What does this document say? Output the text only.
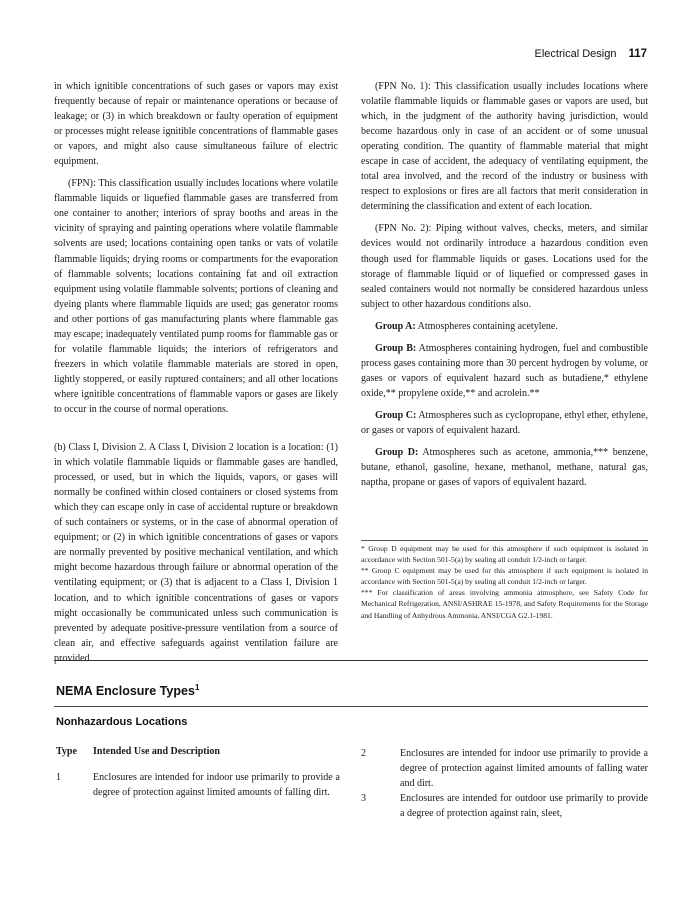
Electrical Design 117

in which ignitible concentrations of such gases or vapors may exist frequently because of repair or maintenance operations or because of leakage; or (3) in which breakdown or faulty operation of equipment or processes might release ignitible concentrations of flammable gases or vapors, and might also cause simultaneous failure of electric equipment.

(FPN): This classification usually includes locations where volatile flammable liquids or liquefied flammable gases are transferred from one container to another; interiors of spray booths and areas in the vicinity of spraying and painting operations where volatile flammable solvents are used; locations containing open tanks or vats of volatile flammable liquids; drying rooms or compartments for the evaporation of flammable solvents; locations containing fat and oil extraction equipment using volatile flammable solvents; portions of cleaning and dyeing plants where flammable liquids are used; gas generator rooms and other portions of gas manufacturing plants where flammable gas may escape; inadequately ventilated pump rooms for flammable gas or for volatile flammable liquids; the interiors of refrigerators and freezers in which volatile flammable materials are stored in open, lightly stoppered, or easily ruptured containers; and all other locations where ignitible concentrations of flammable vapors or gases are likely to occur in the course of normal operations.

(b) Class I, Division 2. A Class I, Division 2 location is a location: (1) in which volatile flammable liquids or flammable gases are handled, processed, or used, but in which the liquids, vapors, or gases will normally be confined within closed containers or closed systems from which they can escape only in case of accidental rupture or breakdown of such containers or systems, or in the case of abnormal operation of equipment; or (2) in which ignitible concentrations of gases or vapors are normally prevented by positive mechanical ventilation, and which might become hazardous through failure or abnormal operation of the ventilating equipment; or (3) that is adjacent to a Class I, Division 1 location, and to which ignitible concentrations of gases or vapors might occasionally be communicated unless such communication is prevented by adequate positive-pressure ventilation from a source of clean air, and effective safeguards against ventilation failure are provided.

(FPN No. 1): This classification usually includes locations where volatile flammable liquids or flammable gases or vapors are used, but which, in the judgment of the authority having jurisdiction, would become hazardous only in case of an accident or of some unusual operating condition. The quantity of flammable material that might escape in case of accident, the adequacy of ventilating equipment, the total area involved, and the record of the industry or business with respect to explosions or fires are all factors that merit consideration in determining the classification and extent of each location.

(FPN No. 2): Piping without valves, checks, meters, and similar devices would not ordinarily introduce a hazardous condition even though used for flammable liquids or gases. Locations used for the storage of flammable liquid or of liquefied or compressed gases in sealed containers would not normally be considered hazardous unless subject to other hazardous conditions also.

Group A: Atmospheres containing acetylene.

Group B: Atmospheres containing hydrogen, fuel and combustible process gases containing more than 30 percent hydrogen by volume, or gases or vapors of equivalent hazard such as butadiene,* ethylene oxide,** propylene oxide,** and acrolein.**

Group C: Atmospheres such as cyclopropane, ethyl ether, ethylene, or gases or vapors of equivalent hazard.

Group D: Atmospheres such as acetone, ammonia,*** benzene, butane, ethanol, gasoline, hexane, methanol, methane, natural gas, naptha, propane or gases of vapors of equivalent hazard.

* Group D equipment may be used for this atmosphere if such equipment is isolated in accordance with Section 501-5(a) by sealing all conduit 1/2-inch or larger.

** Group C equipment may be used for this atmosphere if such equipment is isolated in accordance with Section 501-5(a) by sealing all conduit 1/2-inch or larger.

*** For classification of areas involving ammonia atmosphere, see Safety Code for Mechanical Refrigeration, ANSI/ASHRAE 15-1978, and Safety Requirements for the Storage and Handling of Anhydrous Ammonia, ANSI/CGA G2.1-1981.

NEMA Enclosure Types$^1$
Nonhazardous Locations
Type Intended Use and Description
1	Enclosures are intended for indoor use primarily to provide a degree of protection against limited amounts of falling dirt.
2	Enclosures are intended for indoor use primarily to provide a degree of protection against limited amounts of falling water and dirt.
3	Enclosures are intended for outdoor use primarily to provide a degree of protection against rain, sleet,
